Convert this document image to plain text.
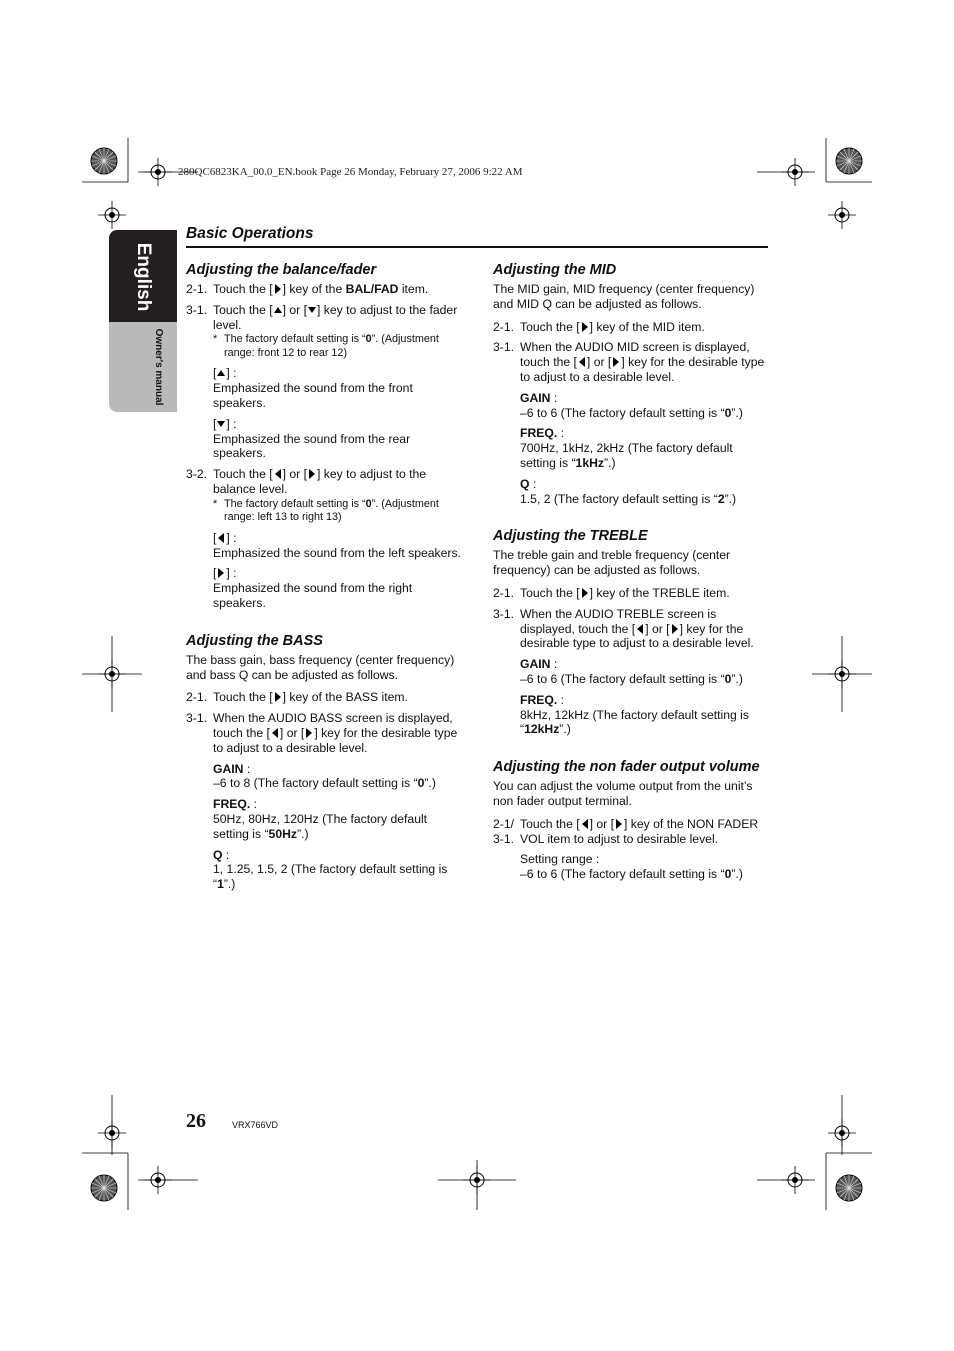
280QC6823KA_00.0_EN.book Page 26 Monday, February 27, 2006 9:22 AM
English
Owner's manual
Basic Operations
Adjusting the balance/fader
2-1. Touch the [ ] key of the BAL/FAD item.
3-1. Touch the [ ] or [ ] key to adjust to the fader level.
* The factory default setting is “0”. (Adjustment range: front 12 to rear 12)

[ ] :

Emphasized the sound from the front speakers.

[ ] :

Emphasized the sound from the rear speakers.

3-2. Touch the [ ] or [ ] key to adjust to the balance level.
* The factory default setting is “0”. (Adjustment range: left 13 to right 13)

[ ] :

Emphasized the sound from the left speakers.

[ ] :

Emphasized the sound from the right speakers.

Adjusting the BASS

The bass gain, bass frequency (center frequency) and bass Q can be adjusted as follows.

2-1. Touch the [ ] key of the BASS item.
3-1. When the AUDIO BASS screen is displayed, touch the [ ] or [ ] key for the desirable type to adjust to a desirable level.

GAIN :

–6 to 8 (The factory default setting is “0”.)

FREQ. :

50Hz, 80Hz, 120Hz (The factory default setting is “50Hz”.)

Q :

1, 1.25, 1.5, 2 (The factory default setting is “1”.)

Adjusting the MID

The MID gain, MID frequency (center frequency) and MID Q can be adjusted as follows.

2-1. Touch the [ ] key of the MID item.
3-1. When the AUDIO MID screen is displayed, touch the [ ] or [ ] key for the desirable type to adjust to a desirable level.

GAIN :

–6 to 6 (The factory default setting is “0”.)

FREQ. :

700Hz, 1kHz, 2kHz (The factory default setting is “1kHz”.)

Q :

1.5, 2 (The factory default setting is “2”.)

Adjusting the TREBLE

The treble gain and treble frequency (center frequency) can be adjusted as follows.

2-1. Touch the [ ] key of the TREBLE item.
3-1. When the AUDIO TREBLE screen is displayed, touch the [ ] or [ ] key for the desirable type to adjust to a desirable level.

GAIN :

–6 to 6 (The factory default setting is “0”.)

FREQ. :

8kHz, 12kHz (The factory default setting is “12kHz”.)

Adjusting the non fader output volume

You can adjust the volume output from the unit’s non fader output terminal.

2-1/ Touch the [ ] or [ ] key of the NON FADER
3-1. VOL item to adjust to desirable level.

Setting range :

–6 to 6 (The factory default setting is “0”.)

26	VRX766VD
